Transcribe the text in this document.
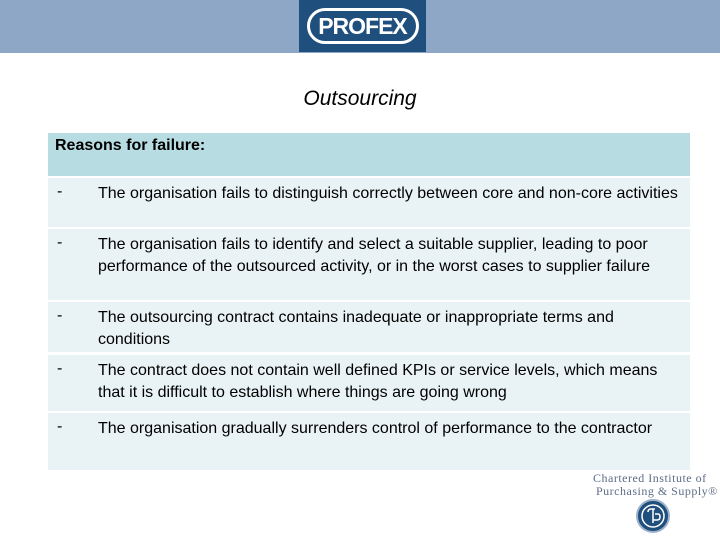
PROFEX
Outsourcing
Reasons for failure:
- The organisation fails to distinguish correctly between core and non-core activities
- The organisation fails to identify and select a suitable supplier, leading to poor performance of the outsourced activity, or in the worst cases to supplier failure
- The outsourcing contract contains inadequate or inappropriate terms and conditions
- The contract does not contain well defined KPIs or service levels, which means that it is difficult to establish where things are going wrong
- The organisation gradually surrenders control of performance to the contractor
Chartered Institute of
Purchasing & Supply®
